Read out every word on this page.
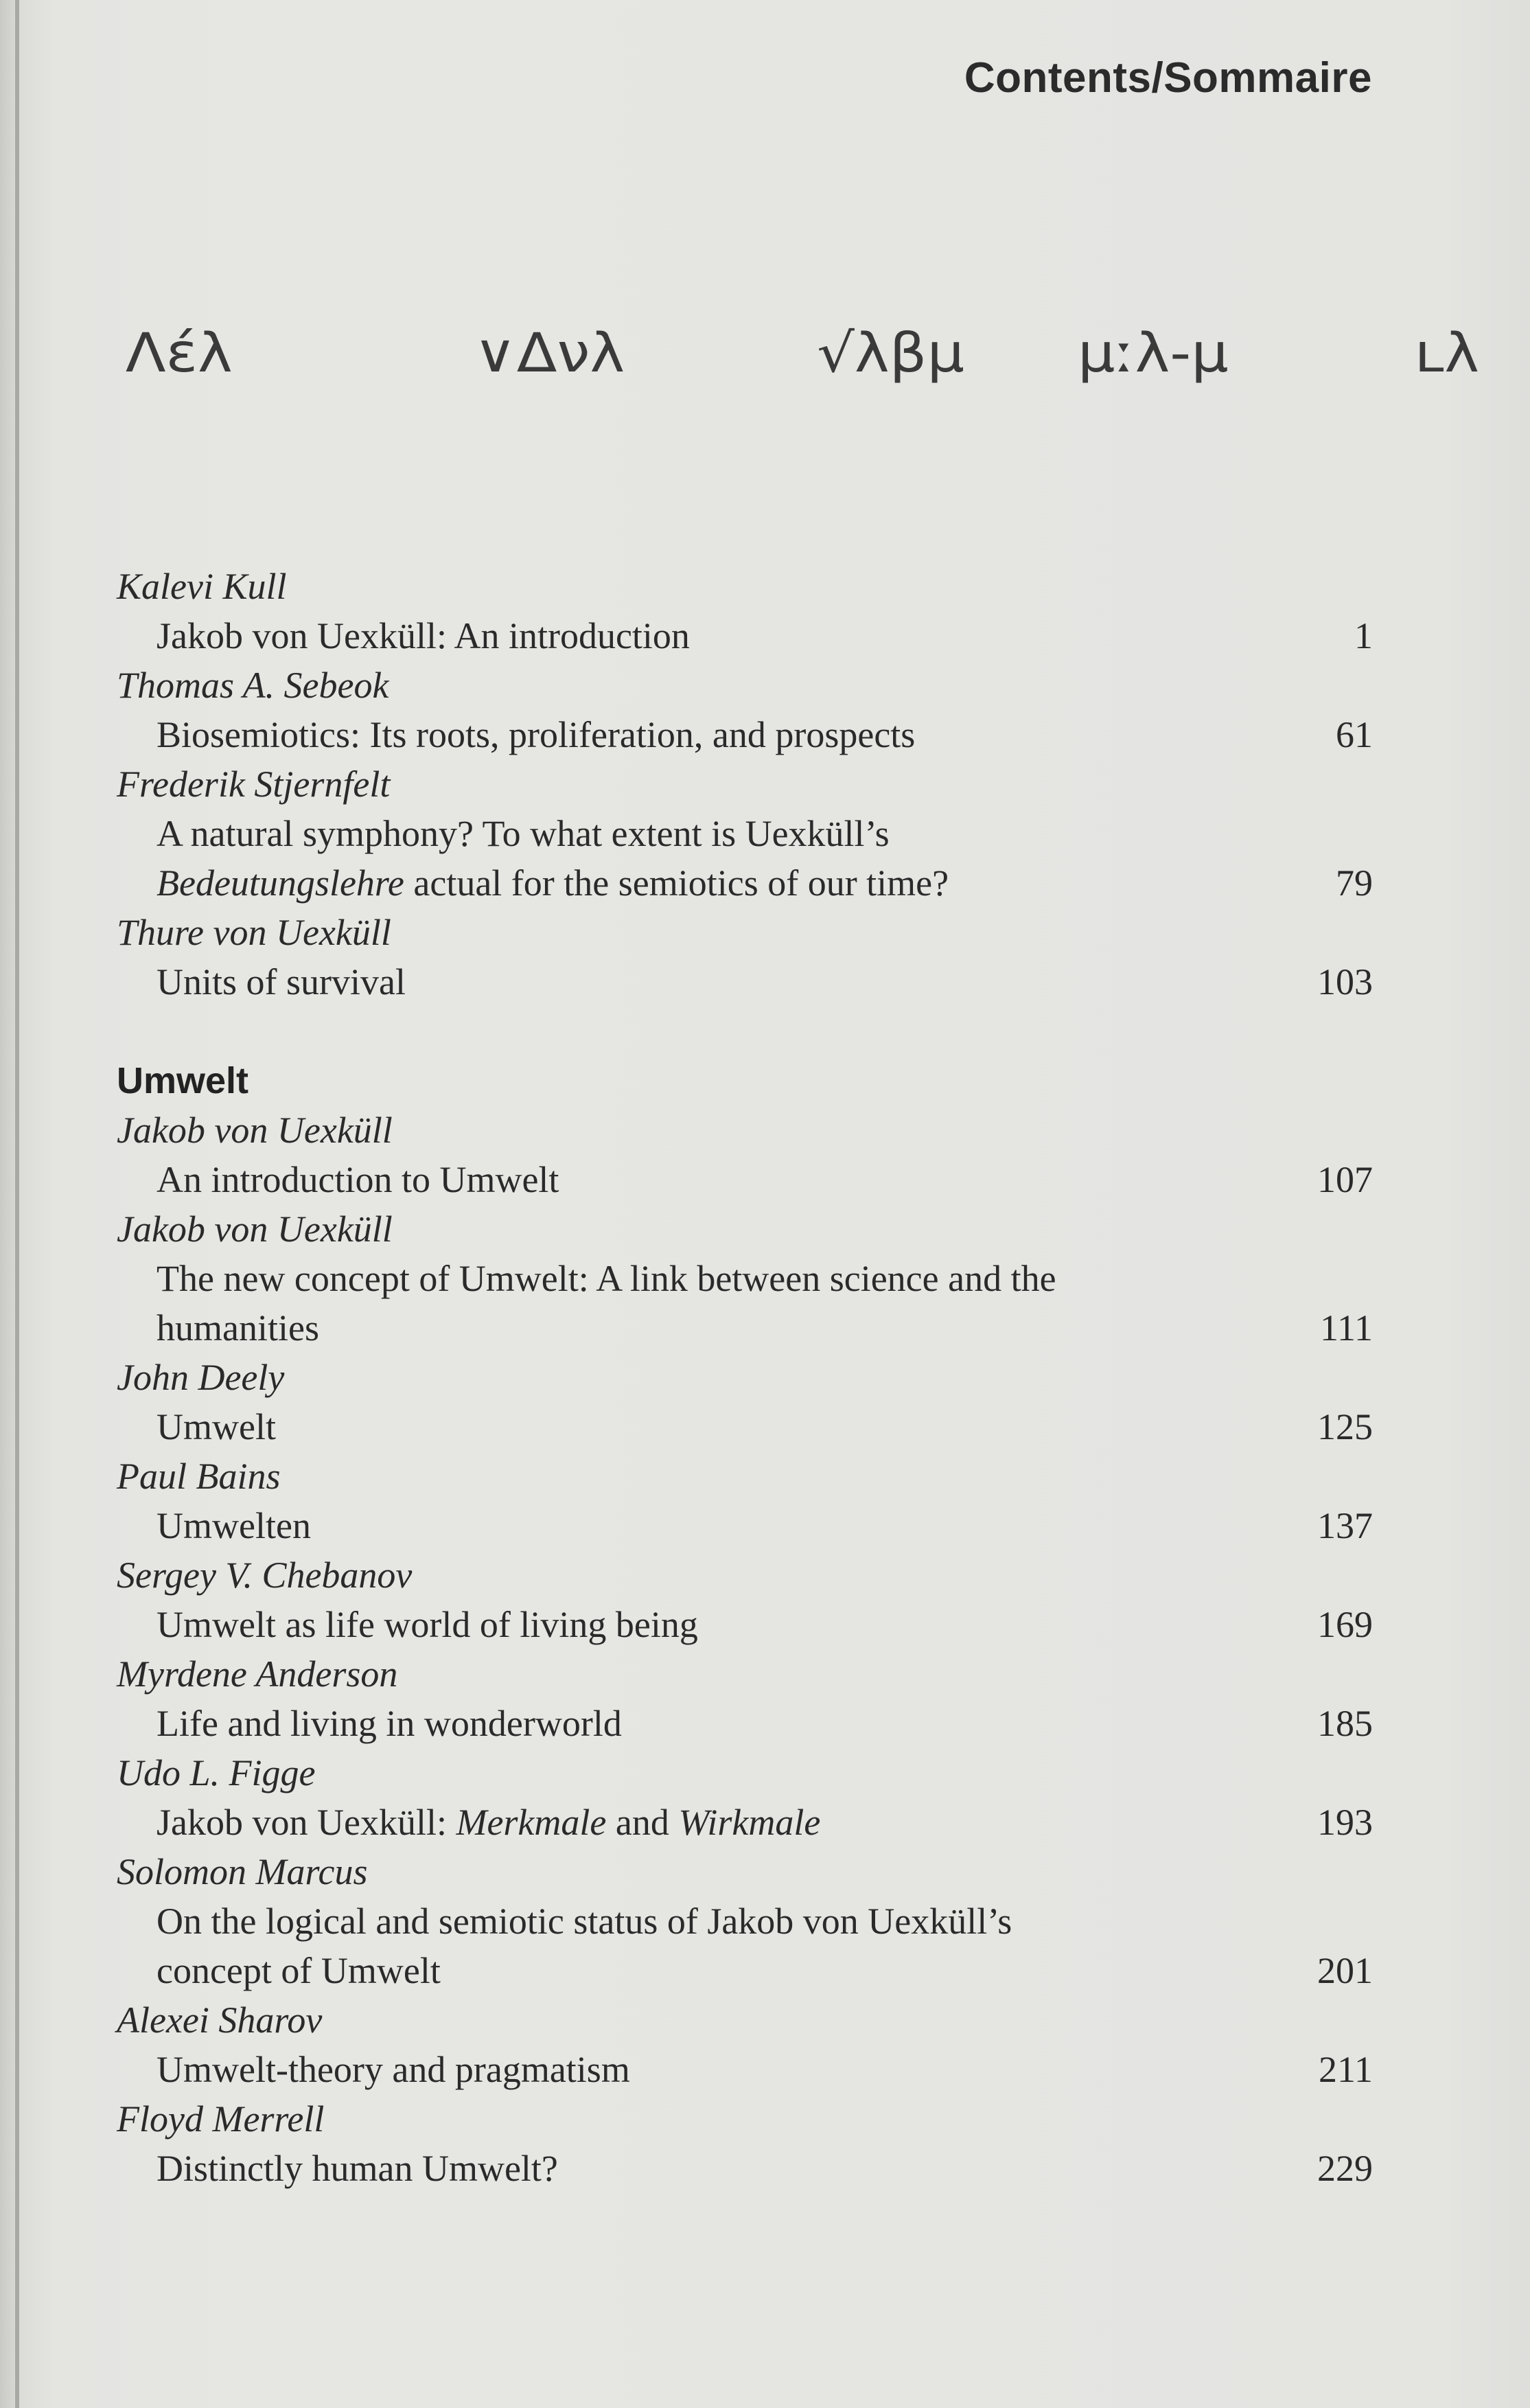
Contents/Sommaire
Ʌέλ	∨Δνλ	√λβμ μːλ-μ	ʟλ
Kalevi Kull
Jakob von Uexküll: An introduction	1
Thomas A. Sebeok
Biosemiotics: Its roots, proliferation, and prospects	61
Frederik Stjernfelt
A natural symphony? To what extent is Uexküll’s
Bedeutungslehre actual for the semiotics of our time?	79
Thure von Uexküll
Units of survival	103
Umwelt
Jakob von Uexküll
An introduction to Umwelt	107
Jakob von Uexküll
The new concept of Umwelt: A link between science and the
humanities	111
John Deely
Umwelt	125
Paul Bains
Umwelten	137
Sergey V. Chebanov
Umwelt as life world of living being	169
Myrdene Anderson
Life and living in wonderworld	185
Udo L. Figge
Jakob von Uexküll: Merkmale and Wirkmale	193
Solomon Marcus
On the logical and semiotic status of Jakob von Uexküll’s
concept of Umwelt	201
Alexei Sharov
Umwelt-theory and pragmatism	211
Floyd Merrell
Distinctly human Umwelt?	229
